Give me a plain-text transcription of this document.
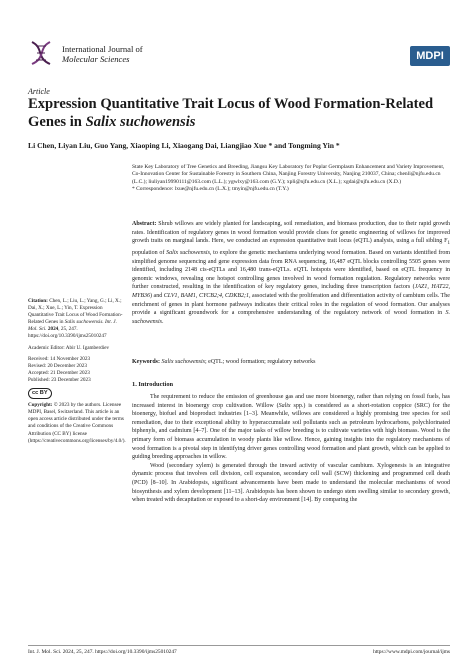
International Journal of
Molecular Sciences	MDPI
Article
Expression Quantitative Trait Locus of Wood Formation-Related Genes in Salix suchowensis
Li Chen, Liyan Liu, Guo Yang, Xiaoping Li, Xiaogang Dai, Liangjiao Xue * and Tongming Yin *

State Key Laboratory of Tree Genetics and Breeding, Jiangsu Key Laboratory for Poplar Germplasm Enhancement and Variety Improvement, Co-Innovation Center for Sustainable Forestry in Southern China, Nanjing Forestry University, Nanjing 210037, China; chenli@njfu.edu.cn (L.C.); liuliyan19990111@163.com (L.L.); ygwlxy@163.com (G.Y.); xpli@njfu.edu.cn (X.L.); xgdai@njfu.edu.cn (X.D.)

* Correspondence: lxue@njfu.edu.cn (L.X.); tmyin@njfu.edu.cn (T.Y.)

Abstract: Shrub willows are widely planted for landscaping, soil remediation, and biomass production, due to their rapid growth rates. Identification of regulatory genes in wood formation would provide clues for genetic engineering of willows for improved growth traits on marginal lands. Here, we conducted an expression quantitative trait locus (eQTL) analysis, using a full sibling $F_1$ population of Salix suchowensis, to explore the genetic mechanisms underlying wood formation. Based on variants identified from simplified genome sequencing and gene expression data from RNA sequencing, 16,487 eQTL blocks controlling 5505 genes were identified, including 2148 cis-eQTLs and 16,480 trans-eQTLs. eQTL hotspots were identified, based on eQTL frequency in genomic windows, revealing one hotspot controlling genes involved in wood formation regulation. Regulatory networks were further constructed, resulting in the identification of key regulatory genes, including three transcription factors (JAZ1, HAT22, MYB36) and CLV1, BAM1, CYCB2;4, CDKB2;1, associated with the proliferation and differentiation activity of cambium cells. The enrichment of genes in plant hormone pathways indicates their critical roles in the regulation of wood formation. Our analyses provide a significant groundwork for a comprehensive understanding of the regulatory network of wood formation in S. suchowensis.
Keywords: Salix suchowensis; eQTL; wood formation; regulatory networks

Citation: Chen, L.; Liu, L.; Yang, G.; Li, X.; Dai, X.; Xue, L.; Yin, T. Expression Quantitative Trait Locus of Wood Formation-Related Genes in Salix suchowensis. Int. J. Mol. Sci. 2024, 25, 247. https://doi.org/10.3390/ijms25010247

Academic Editor: Abir U. Igamberdiev

Received: 14 November 2023
Revised: 20 December 2023
Accepted: 21 December 2023

Published: 23 December 2023

cc BY

Copyright: © 2023 by the authors. Licensee MDPI, Basel, Switzerland. This article is an open access article distributed under the terms and conditions of the Creative Commons Attribution (CC BY) license (https://creativecommons.org/licenses/by/4.0/).

1. Introduction

The requirement to reduce the emission of greenhouse gas and use more bioenergy, rather than relying on fossil fuels, has increased interest in bioenergy crop cultivation. Willow (Salix spp.) is considered as a short-rotation coppice (SRC) for the bioenergy, biofuel and bioproduct industries [1–3]. Meanwhile, willows are considered a highly promising tree species for soil remediation, due to their exceptional ability to hyperaccumulate soil pollutants such as petroleum hydrocarbons, polychlorinated biphenyls, and cadmium [4–7]. One of the major tasks of willow breeding is to cultivate varieties with high biomass. Wood is the primary form of biomass accumulation in woody plants like willow. Hence, gaining insights into the regulatory mechanisms of wood formation is a pivotal step in identifying driver genes controlling wood formation and plant growth, which can be applied to guiding breeding approaches in willow.

Wood (secondary xylem) is generated through the inward activity of vascular cambium. Xylogenesis is an integrative dynamic process that involves cell division, cell expansion, secondary cell wall (SCW) thickening and programmed cell death (PCD) [8–10]. In Arabidopsis, significant advancements have been made to understand the molecular mechanisms of wood biosynthesis and xylem development [11–13]. Arabidopsis has been shown to undergo stem swelling similar to secondary growth, when treated with decapitation or exposed to a short-day environment [14]. By comparing the

Int. J. Mol. Sci. 2024, 25, 247. https://doi.org/10.3390/ijms25010247	https://www.mdpi.com/journal/ijms
